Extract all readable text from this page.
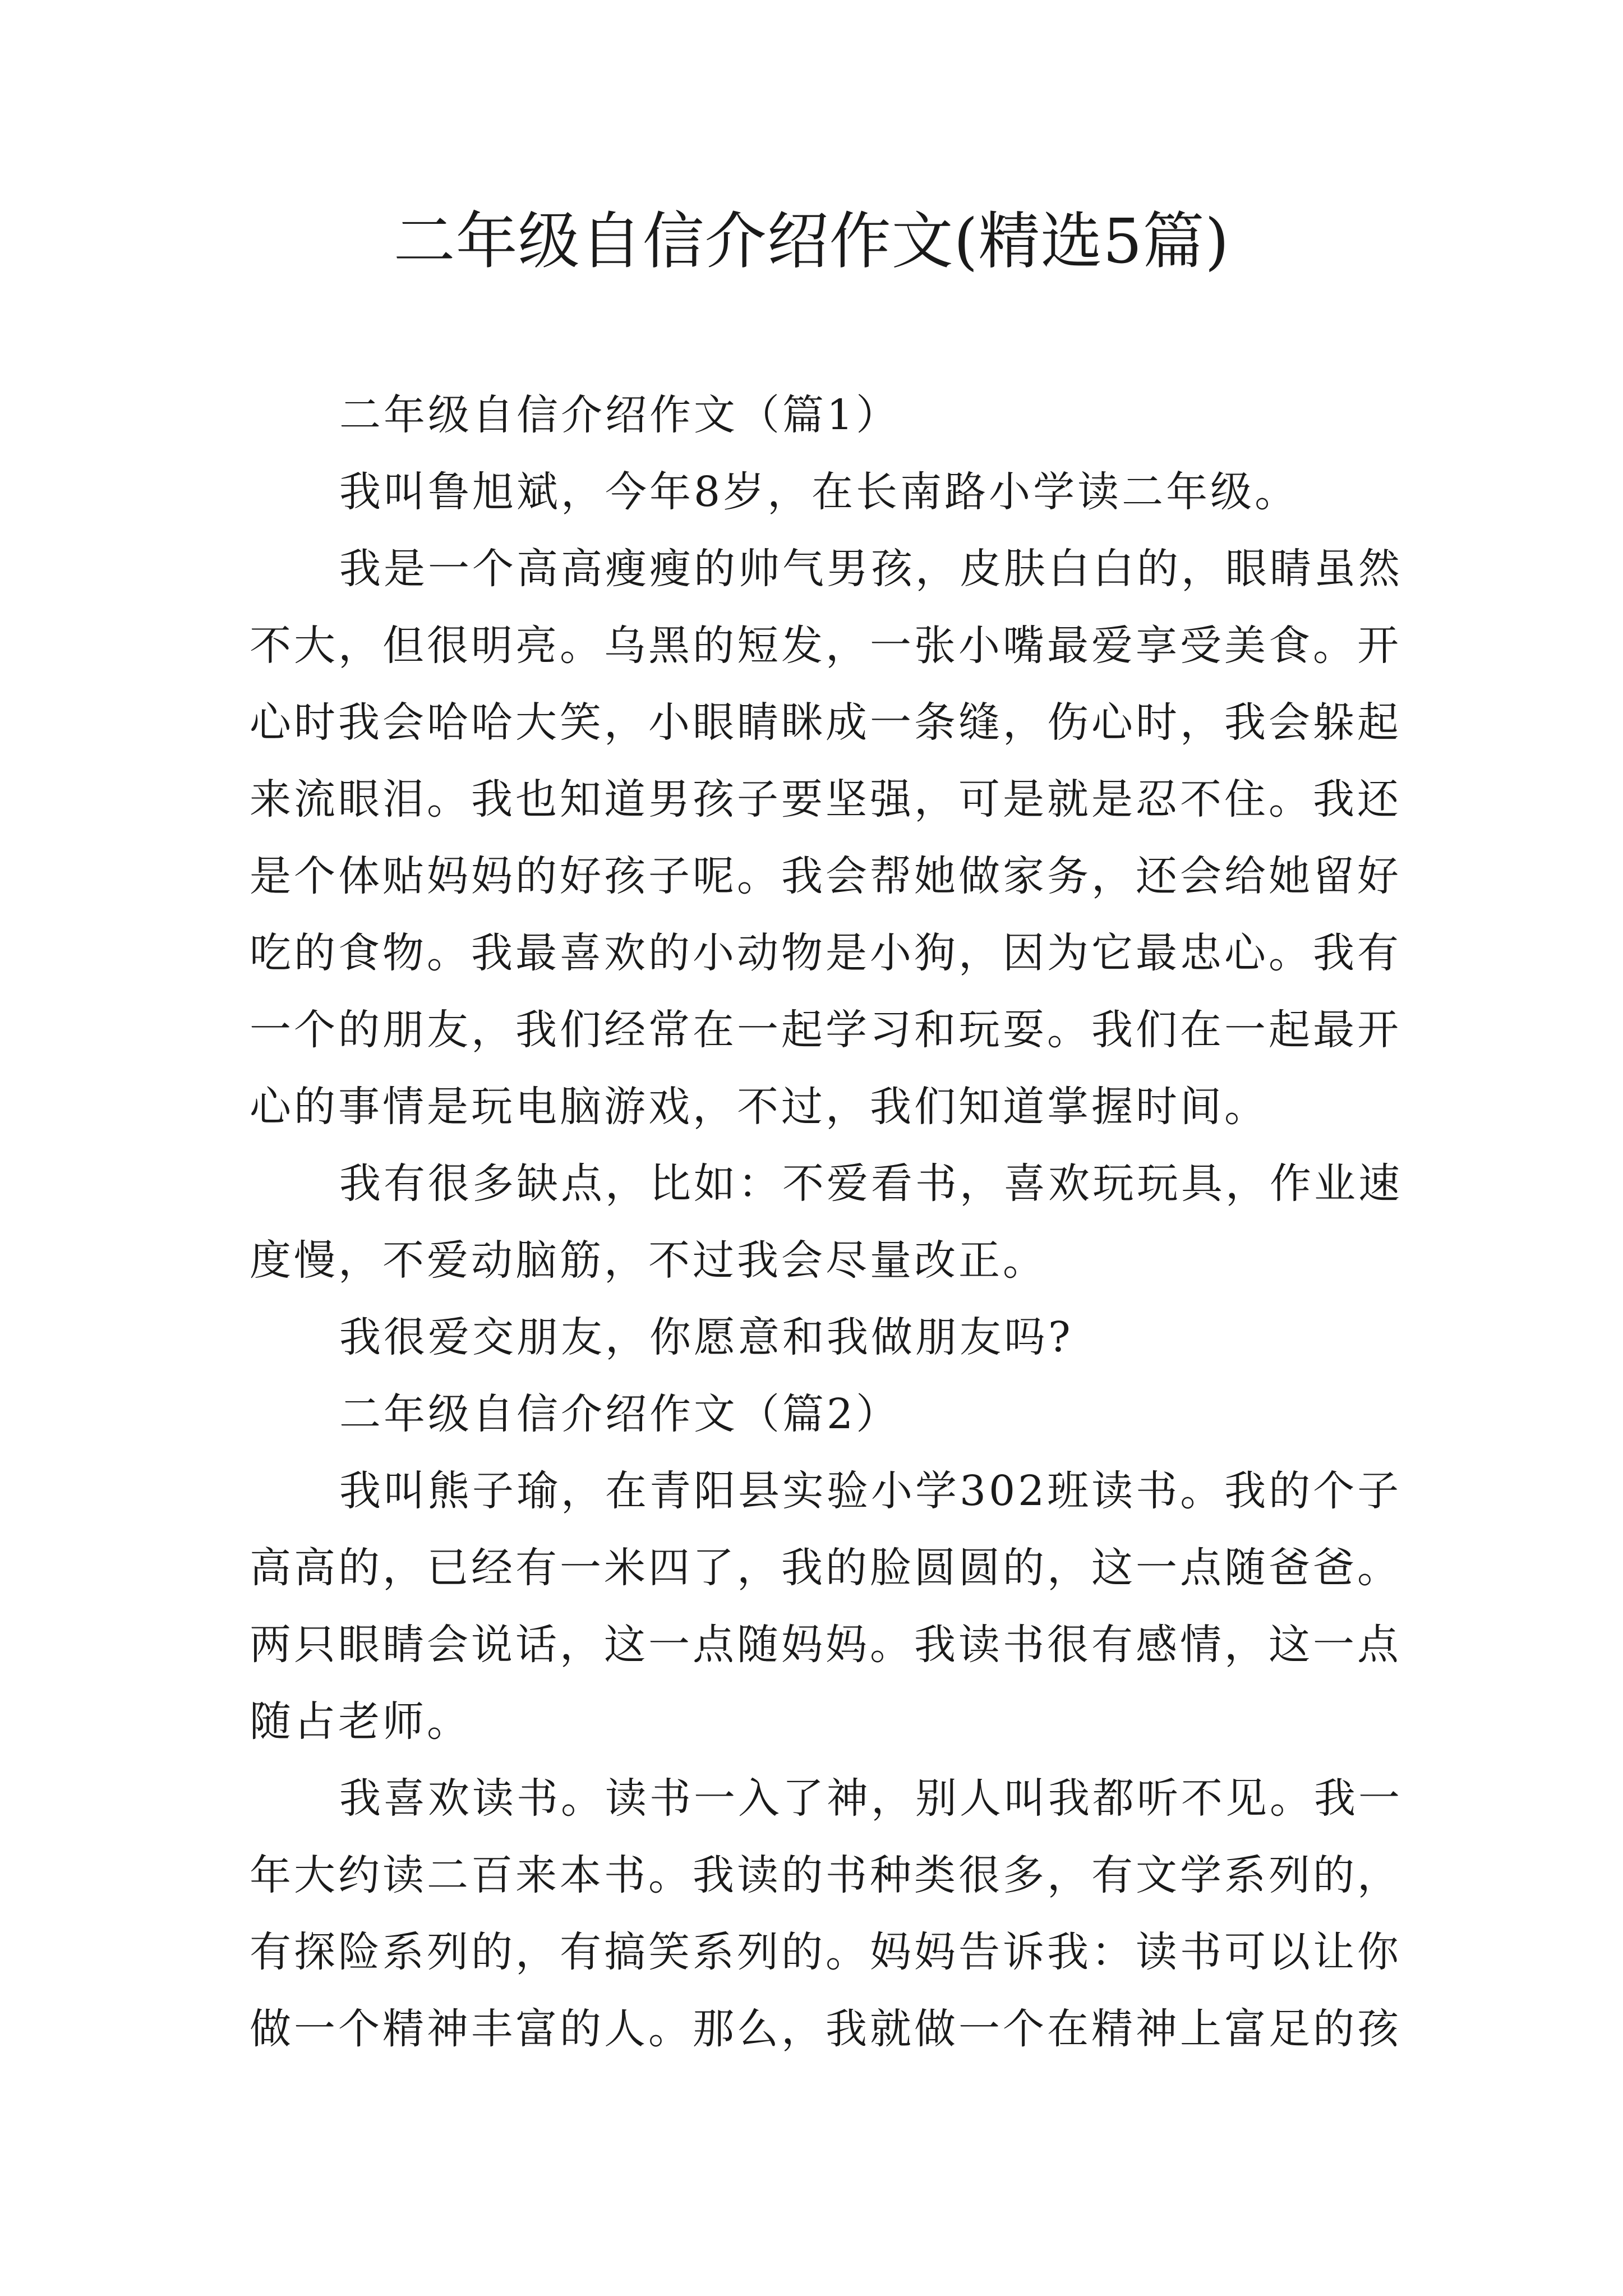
二年级自信介绍作文(精选5篇)
二年级自信介绍作文（篇1）
我叫鲁旭斌，今年8岁，在长南路小学读二年级。
我是一个高高瘦瘦的帅气男孩，皮肤白白的，眼睛虽然
不大，但很明亮。乌黑的短发，一张小嘴最爱享受美食。开
心时我会哈哈大笑，小眼睛眯成一条缝，伤心时，我会躲起
来流眼泪。我也知道男孩子要坚强，可是就是忍不住。我还
是个体贴妈妈的好孩子呢。我会帮她做家务，还会给她留好
吃的食物。我最喜欢的小动物是小狗，因为它最忠心。我有
一个的朋友，我们经常在一起学习和玩耍。我们在一起最开
心的事情是玩电脑游戏，不过，我们知道掌握时间。
我有很多缺点，比如：不爱看书，喜欢玩玩具，作业速
度慢，不爱动脑筋，不过我会尽量改正。
我很爱交朋友，你愿意和我做朋友吗?
二年级自信介绍作文（篇2）
我叫熊子瑜，在青阳县实验小学302班读书。我的个子
高高的，已经有一米四了，我的脸圆圆的，这一点随爸爸。
两只眼睛会说话，这一点随妈妈。我读书很有感情，这一点
随占老师。
我喜欢读书。读书一入了神，别人叫我都听不见。我一
年大约读二百来本书。我读的书种类很多，有文学系列的，
有探险系列的，有搞笑系列的。妈妈告诉我：读书可以让你
做一个精神丰富的人。那么，我就做一个在精神上富足的孩
